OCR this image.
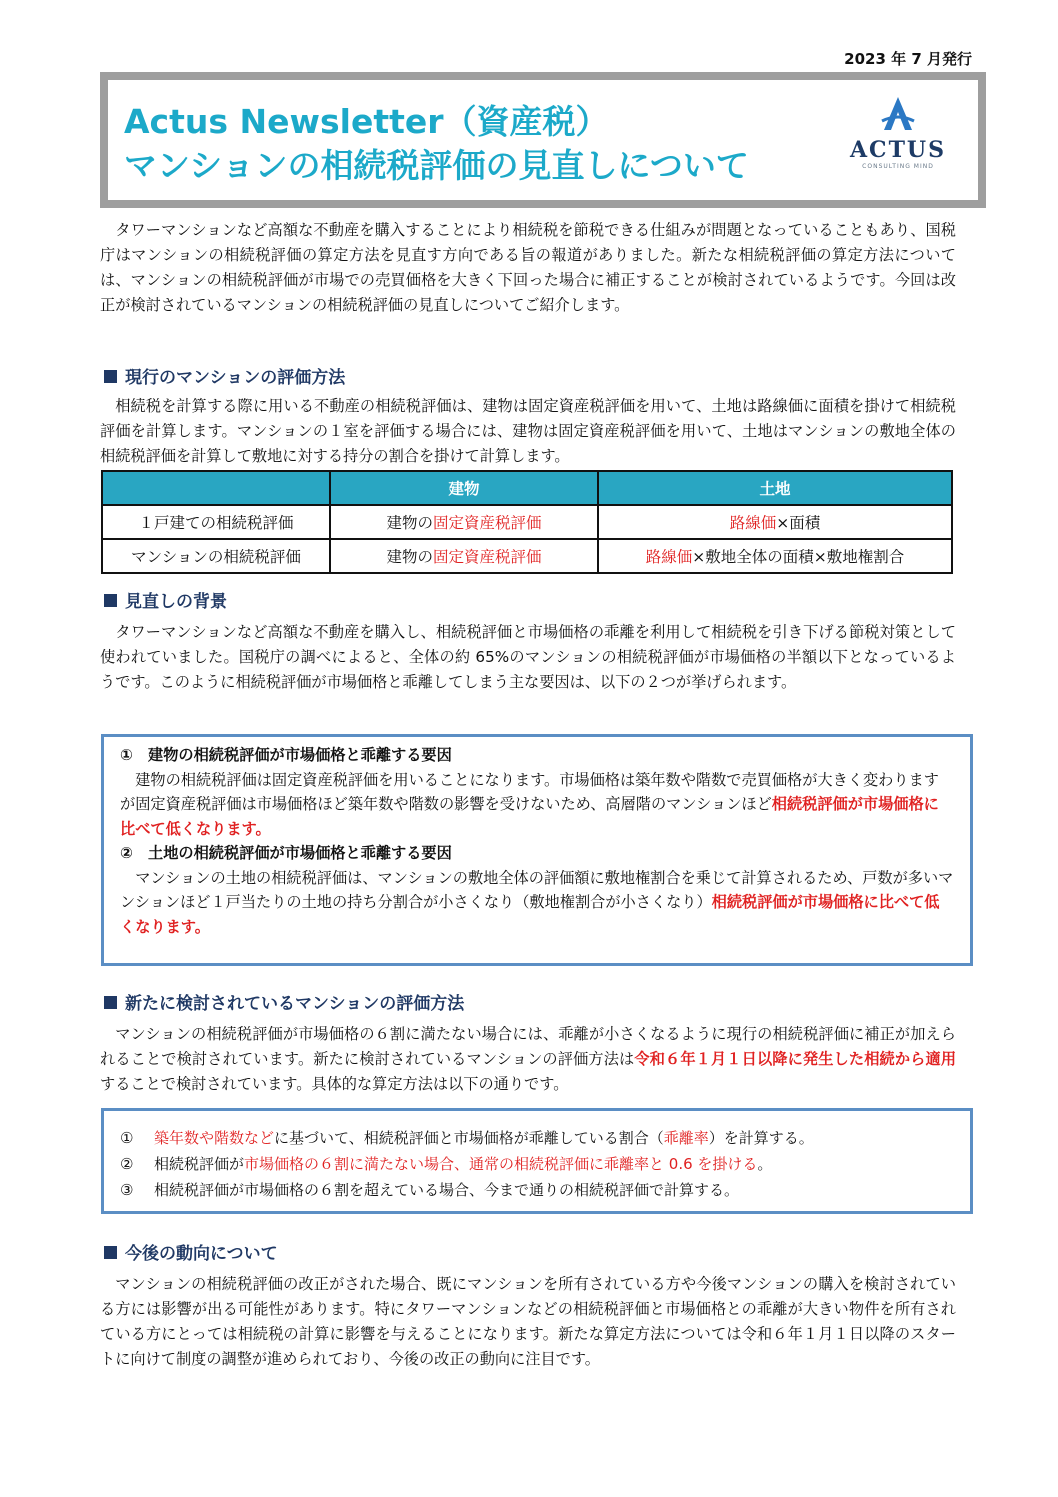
2023 年 7 月発行
Actus Newsletter（資産税）
マンションの相続税評価の見直しについて	ACTUS
CONSULTING MIND

タワーマンションなど高額な不動産を購入することにより相続税を節税できる仕組みが問題となっていることもあり、国税庁はマンションの相続税評価の算定方法を見直す方向である旨の報道がありました。新たな相続税評価の算定方法については、マンションの相続税評価が市場での売買価格を大きく下回った場合に補正することが検討されているようです。今回は改正が検討されているマンションの相続税評価の見直しについてご紹介します。

現行のマンションの評価方法

相続税を計算する際に用いる不動産の相続税評価は、建物は固定資産税評価を用いて、土地は路線価に面積を掛けて相続税評価を計算します。マンションの１室を評価する場合には、建物は固定資産税評価を用いて、土地はマンションの敷地全体の相続税評価を計算して敷地に対する持分の割合を掛けて計算します。

	建物	土地
１戸建ての相続税評価	建物の固定資産税評価	路線価×面積
マンションの相続税評価	建物の固定資産税評価	路線価×敷地全体の面積×敷地権割合
見直しの背景

タワーマンションなど高額な不動産を購入し、相続税評価と市場価格の乖離を利用して相続税を引き下げる節税対策として使われていました。国税庁の調べによると、全体の約 65%のマンションの相続税評価が市場価格の半額以下となっているようです。このように相続税評価が市場価格と乖離してしまう主な要因は、以下の２つが挙げられます。

①　建物の相続税評価が市場価格と乖離する要因

建物の相続税評価は固定資産税評価を用いることになります。市場価格は築年数や階数で売買価格が大きく変わりますが固定資産税評価は市場価格ほど築年数や階数の影響を受けないため、高層階のマンションほど相続税評価が市場価格に比べて低くなります。

②　土地の相続税評価が市場価格と乖離する要因

マンションの土地の相続税評価は、マンションの敷地全体の評価額に敷地権割合を乗じて計算されるため、戸数が多いマンションほど１戸当たりの土地の持ち分割合が小さくなり（敷地権割合が小さくなり）相続税評価が市場価格に比べて低くなります。

新たに検討されているマンションの評価方法

マンションの相続税評価が市場価格の６割に満たない場合には、乖離が小さくなるように現行の相続税評価に補正が加えられることで検討されています。新たに検討されているマンションの評価方法は令和６年１月１日以降に発生した相続から適用することで検討されています。具体的な算定方法は以下の通りです。

①	築年数や階数などに基づいて、相続税評価と市場価格が乖離している割合（乖離率）を計算する。
②	相続税評価が市場価格の６割に満たない場合、通常の相続税評価に乖離率と 0.6 を掛ける。
③	相続税評価が市場価格の６割を超えている場合、今まで通りの相続税評価で計算する。
今後の動向について

マンションの相続税評価の改正がされた場合、既にマンションを所有されている方や今後マンションの購入を検討されている方には影響が出る可能性があります。特にタワーマンションなどの相続税評価と市場価格との乖離が大きい物件を所有されている方にとっては相続税の計算に影響を与えることになります。新たな算定方法については令和６年１月１日以降のスタートに向けて制度の調整が進められており、今後の改正の動向に注目です。
